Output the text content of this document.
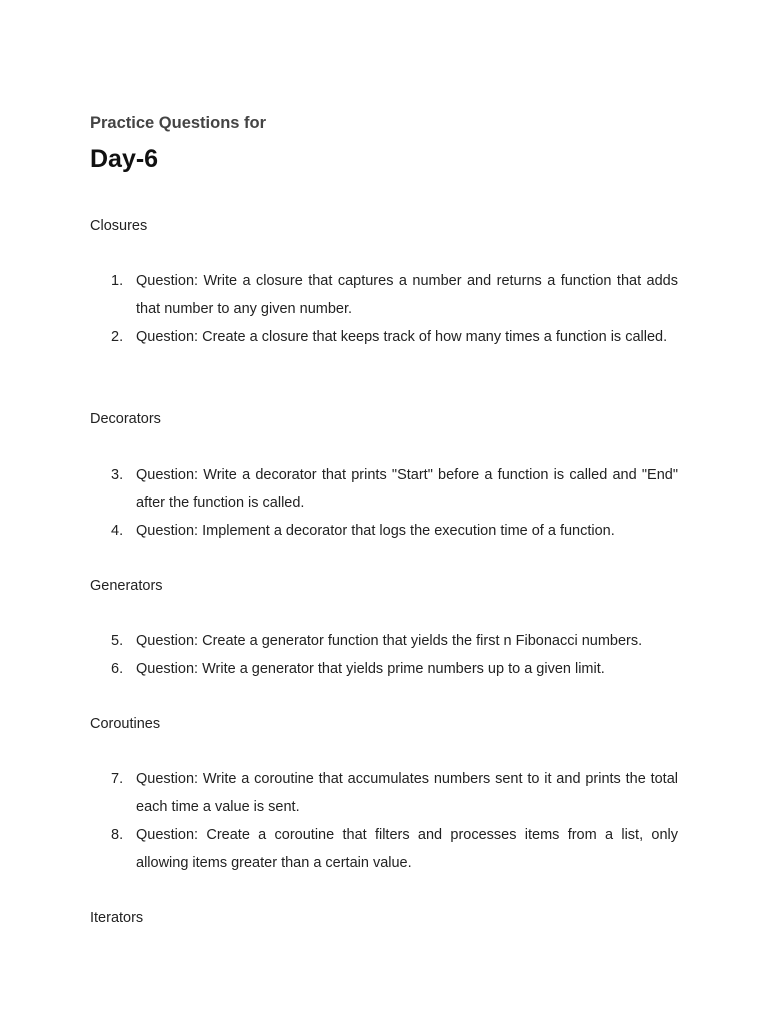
Practice Questions for
Day-6
Closures
1. Question: Write a closure that captures a number and returns a function that adds that number to any given number.
2. Question: Create a closure that keeps track of how many times a function is called.
Decorators
3. Question: Write a decorator that prints "Start" before a function is called and "End" after the function is called.
4. Question: Implement a decorator that logs the execution time of a function.
Generators
5. Question: Create a generator function that yields the first n Fibonacci numbers.
6. Question: Write a generator that yields prime numbers up to a given limit.
Coroutines
7. Question: Write a coroutine that accumulates numbers sent to it and prints the total each time a value is sent.
8. Question: Create a coroutine that filters and processes items from a list, only allowing items greater than a certain value.
Iterators
